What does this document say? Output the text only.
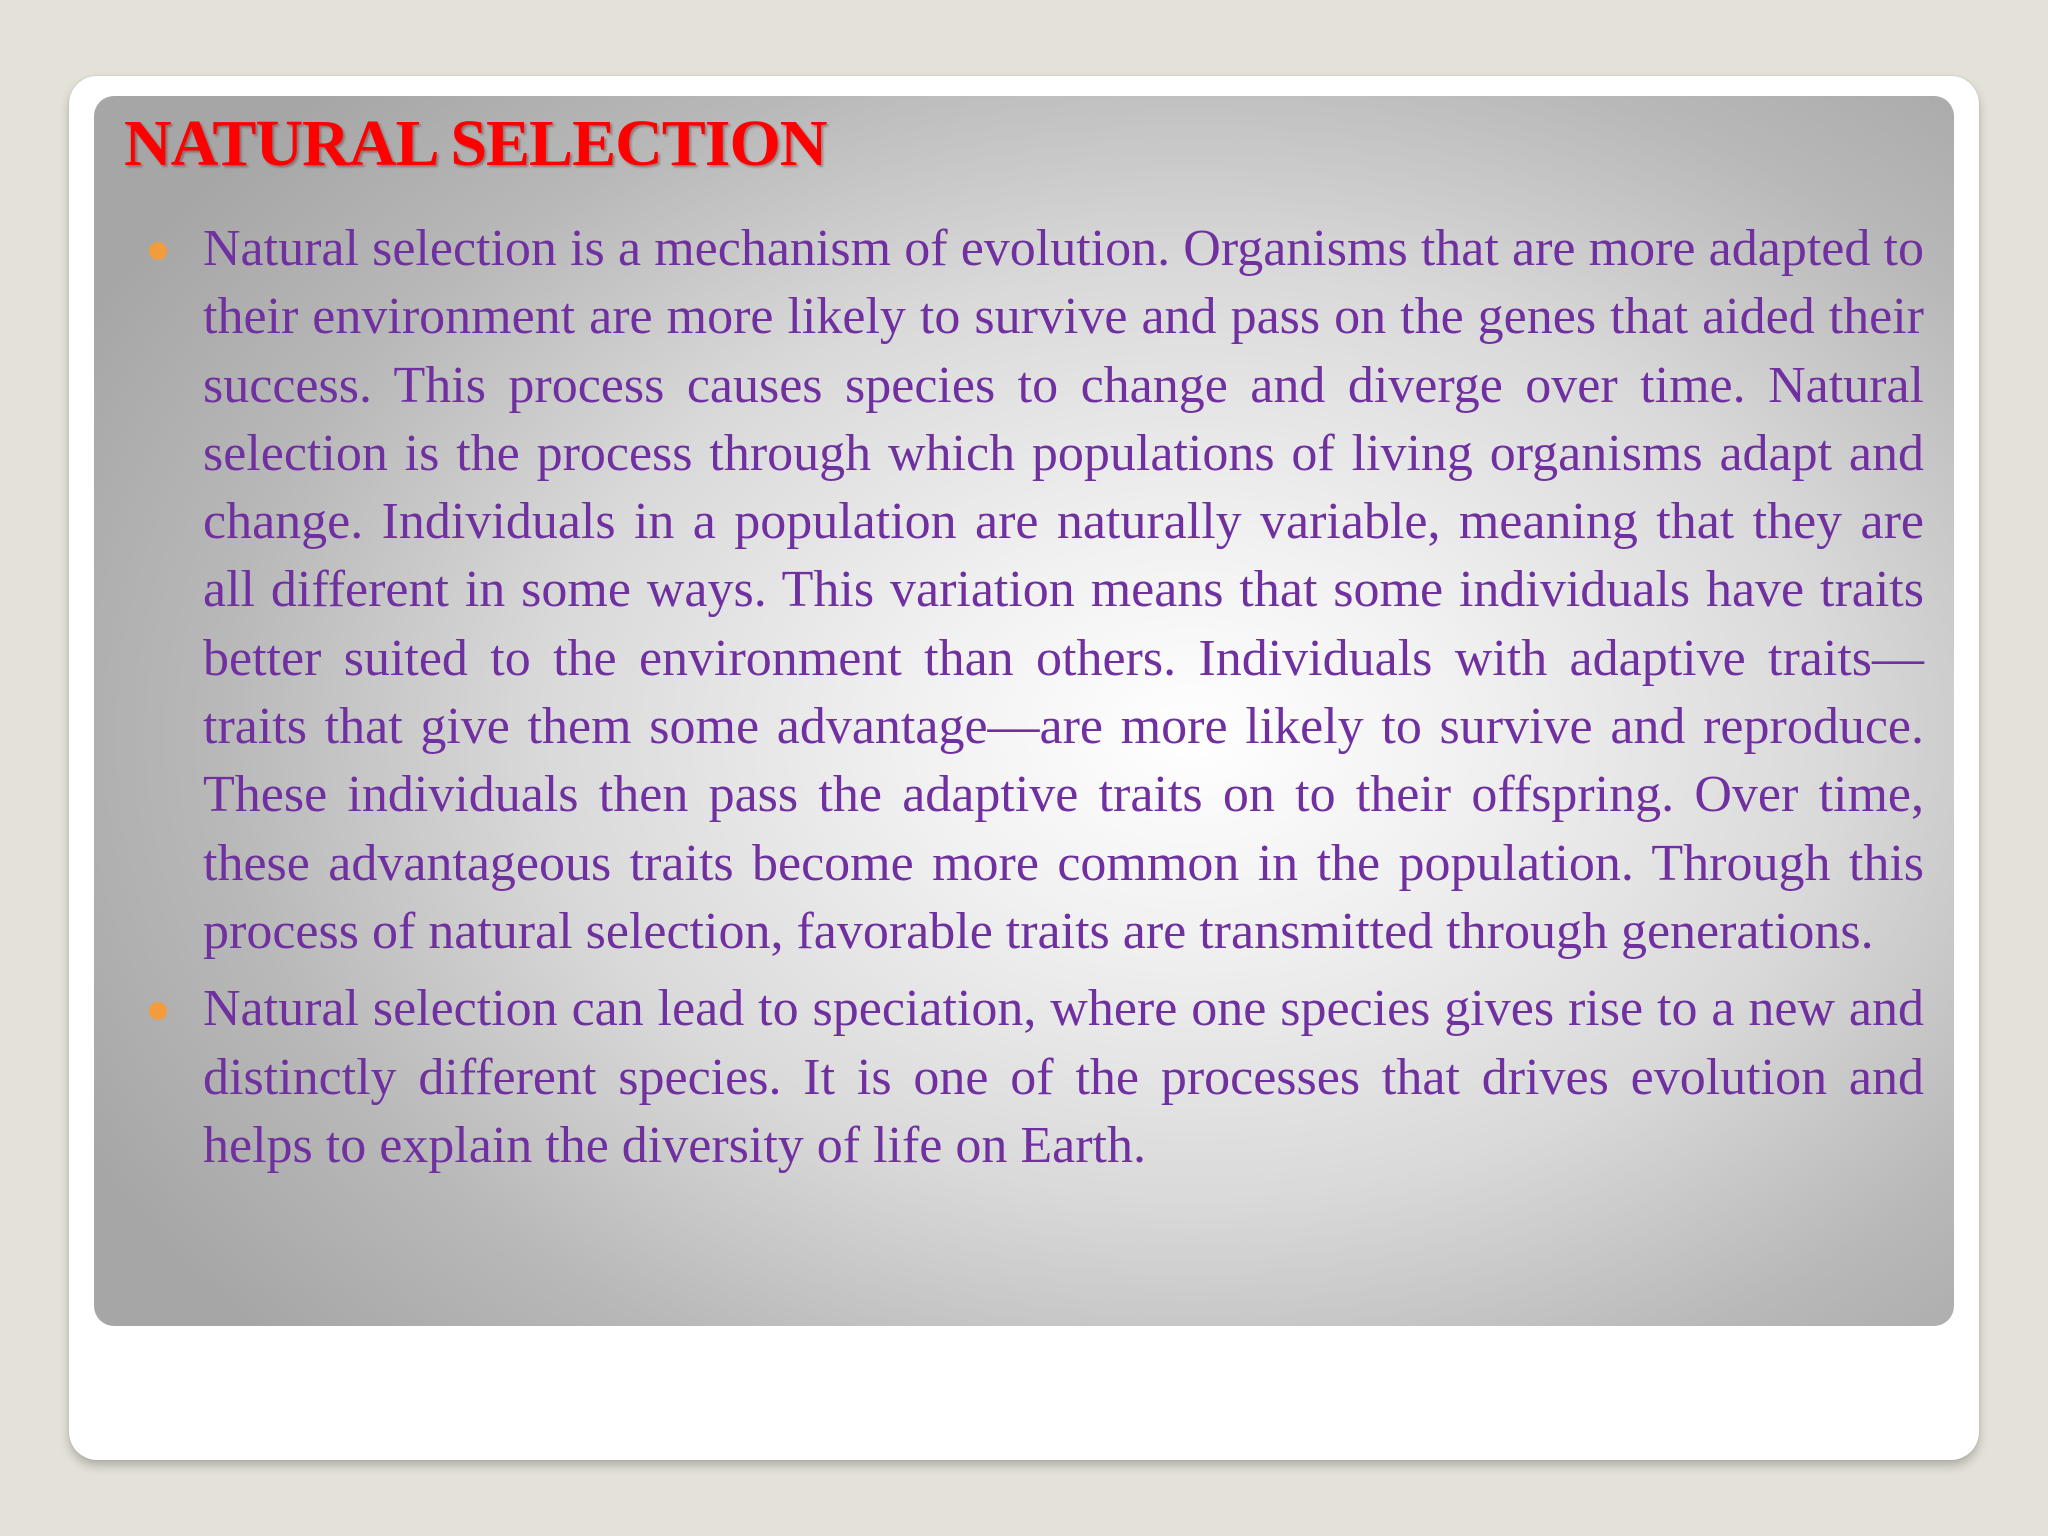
NATURAL SELECTION
Natural selection is a mechanism of evolution. Organisms that are more adapted to their environment are more likely to survive and pass on the genes that aided their success. This process causes species to change and diverge over time. Natural selection is the process through which populations of living organisms adapt and change. Individuals in a population are naturally variable, meaning that they are all different in some ways. This variation means that some individuals have traits better suited to the environment than others. Individuals with adaptive traits—traits that give them some advantage—are more likely to survive and reproduce. These individuals then pass the adaptive traits on to their offspring. Over time, these advantageous traits become more common in the population. Through this process of natural selection, favorable traits are transmitted through generations.
Natural selection can lead to speciation, where one species gives rise to a new and distinctly different species. It is one of the processes that drives evolution and helps to explain the diversity of life on Earth.
